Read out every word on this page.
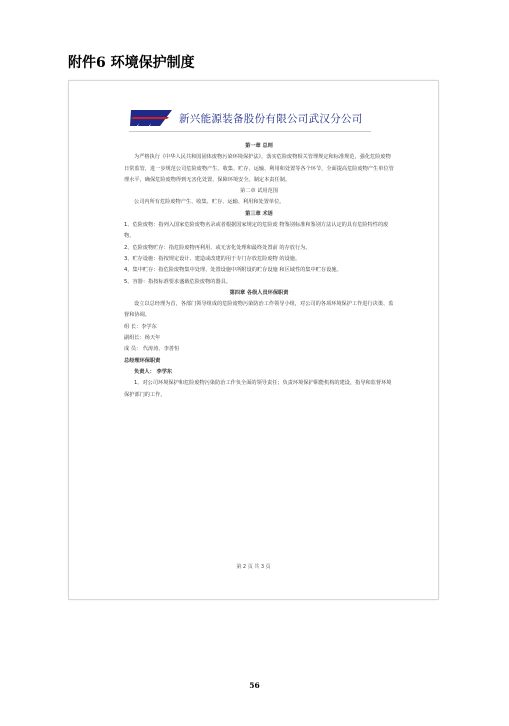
附件6 环境保护制度
新兴能源装备股份有限公司武汉分公司

第一章 总则

为严格执行《中华人民共和国固体废物污染环境保护法》，落实危险废物相关管理规定和标准规范，强化危险废物日常监管，进一步规范公司危险废物产生、收集、贮存、运输、利用和处置等各个环节，全面提高危险废物产生单位管理水平，确保危险废物得到无害化处置，保障环境安全。制定本责任制。

第二章 试用范围

公司内所有危险废物产生、收集、贮存、运输、利用和处置单位。

第三章 术语

1、危险废物：指列入国家危险废物名录或者根据国家规定的危险废 物鉴别标准和鉴别方法认定的具有危险特性的废物。

2、危险废物贮存：指危险废物再利用、或无害化处理和最终处置前 的存放行为。

3、贮存设施：指按规定设计、建造或改建的用于专门存放危险废物 的设施。

4、集中贮存：指危险废物集中处理、处置设施中所附设的贮存设施 和区域性的集中贮存设施。

5、容器：指按标准要求盛载危险废物的器具。

第四章 各级人员环保职责

设立以总经理为首，各部门领导组成的危险废物污染防治工作领导小组，对公司的各项环境保护工作进行决策、监督和协调。

组 长：李学东

副组长：杨天年

成 员： 代涛涛、李善恒

总经理环保职责

负责人： 李学东

1、对公司环境保护和危险废物污染防治工作负全面的领导责任；负责环境保护职能机构的建设，指导和监督环境保护部门的工作。

第 2 页 共 3 页
56
